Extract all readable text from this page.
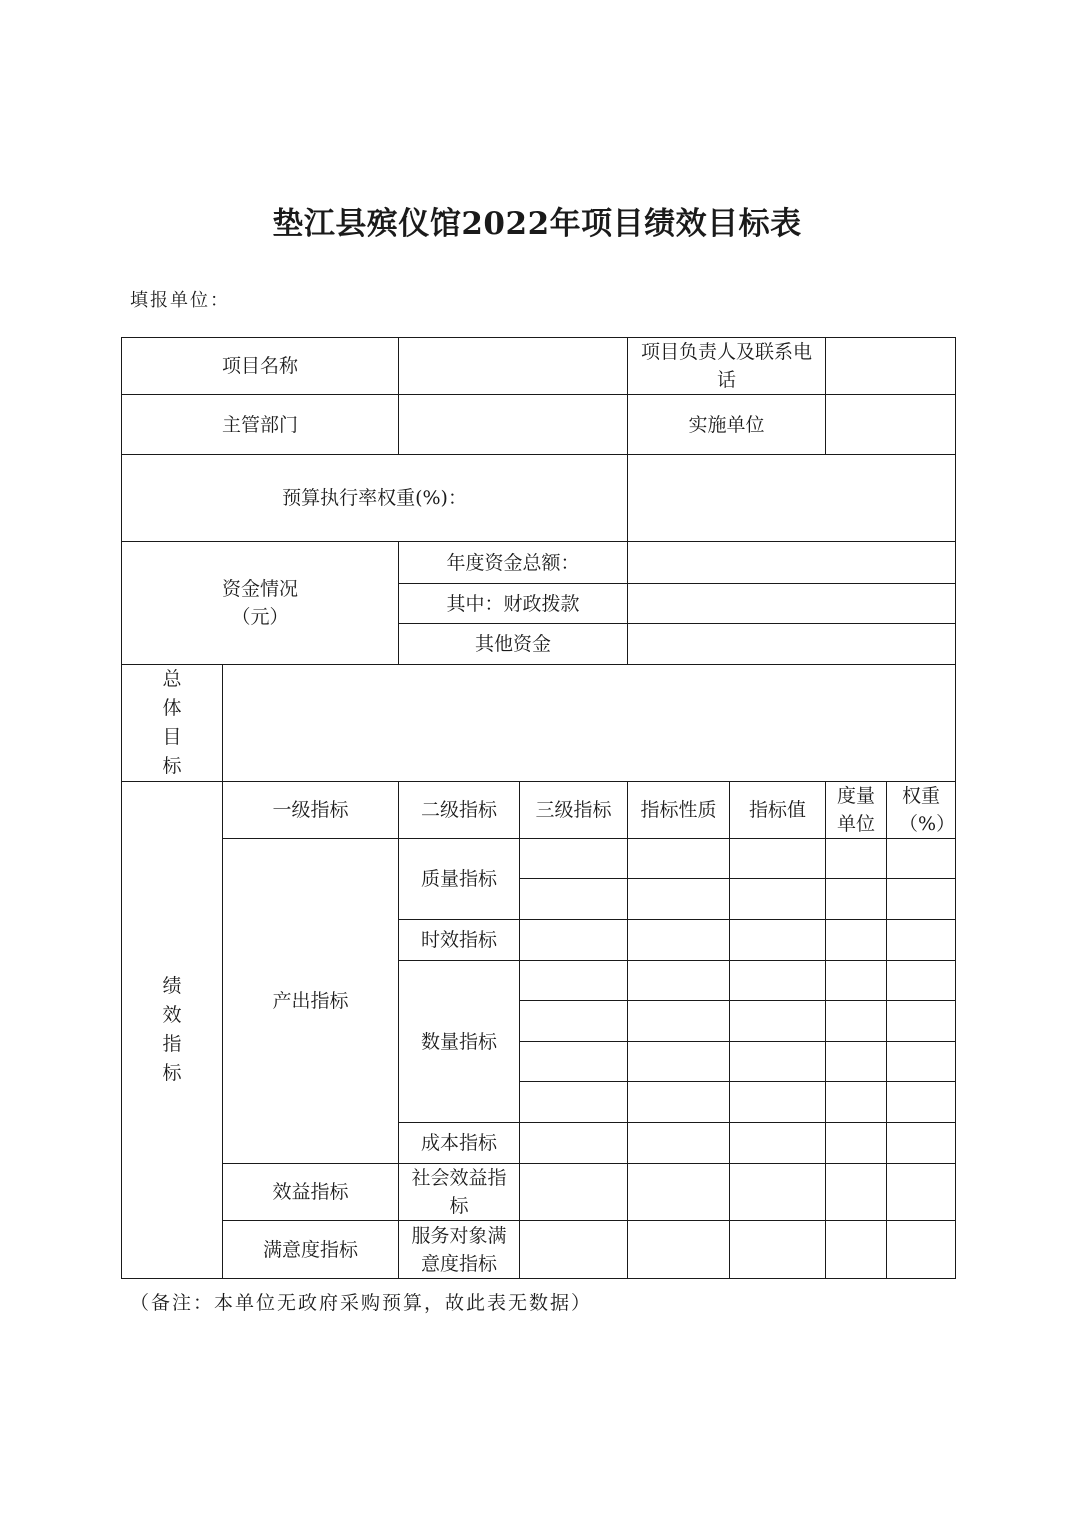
垫江县殡仪馆2022年项目绩效目标表
填报单位：
项目名称				项目负责人及联系电话			
主管部门				实施单位			
预算执行率权重(%)：							
资金情况（元）		年度资金总额：					
		其中：财政拨款					
		其他资金					

总体目标							

绩效指标	一级指标	二级指标	三级指标	指标性质	指标值	度量单位	权重（%）
	产出指标	质量指标					

		时效指标					
		数量指标					

		成本指标					
	效益指标	社会效益指标					
	满意度指标	服务对象满意度指标					
（备注：本单位无政府采购预算，故此表无数据）
